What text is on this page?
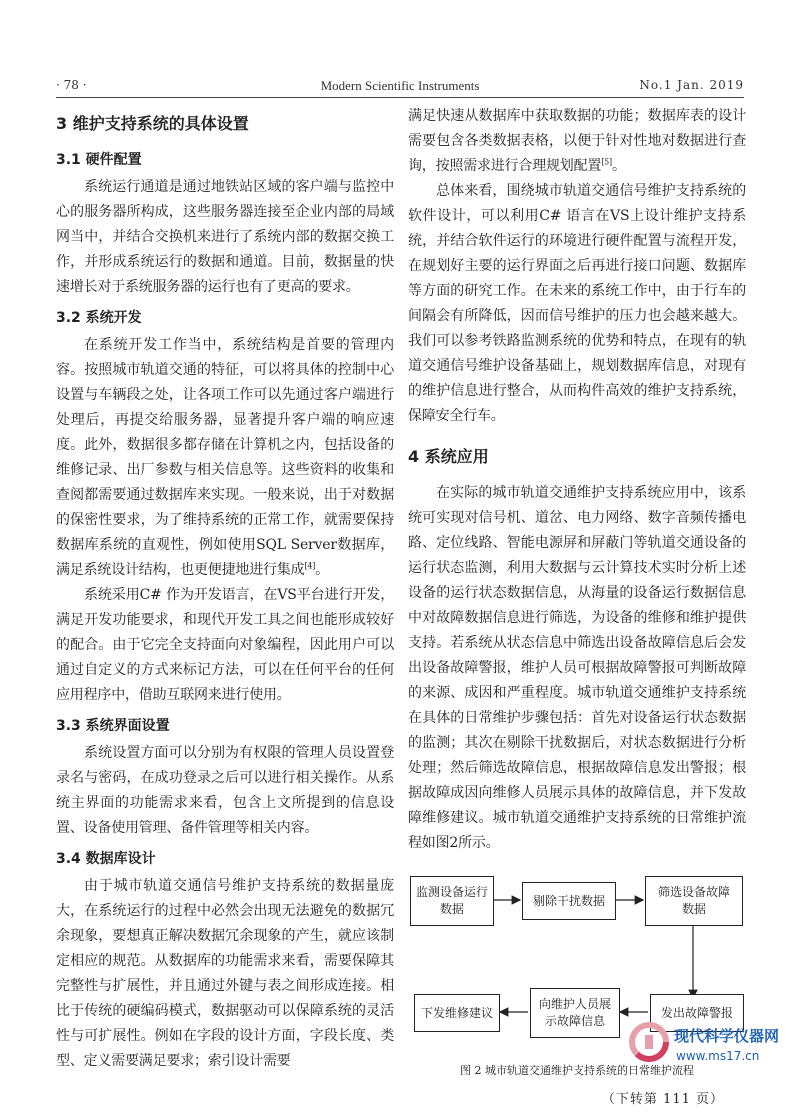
· 78 ·	Modern Scientific Instruments	No.1 Jan. 2019
3 维护支持系统的具体设置
3.1 硬件配置

系统运行通道是通过地铁站区域的客户端与监控中心的服务器所构成，这些服务器连接至企业内部的局域网当中，并结合交换机来进行了系统内部的数据交换工作，并形成系统运行的数据和通道。目前，数据量的快速增长对于系统服务器的运行也有了更高的要求。

3.2 系统开发

在系统开发工作当中，系统结构是首要的管理内容。按照城市轨道交通的特征，可以将具体的控制中心设置与车辆段之处，让各项工作可以先通过客户端进行处理后，再提交给服务器，显著提升客户端的响应速度。此外，数据很多都存储在计算机之内，包括设备的维修记录、出厂参数与相关信息等。这些资料的收集和查阅都需要通过数据库来实现。一般来说，出于对数据的保密性要求，为了维持系统的正常工作，就需要保持数据库系统的直观性，例如使用SQL Server数据库，满足系统设计结构，也更便捷地进行集成[4]。

系统采用C# 作为开发语言，在VS平台进行开发，满足开发功能要求，和现代开发工具之间也能形成较好的配合。由于它完全支持面向对象编程，因此用户可以通过自定义的方式来标记方法，可以在任何平台的任何应用程序中，借助互联网来进行使用。

3.3 系统界面设置

系统设置方面可以分别为有权限的管理人员设置登录名与密码，在成功登录之后可以进行相关操作。从系统主界面的功能需求来看，包含上文所提到的信息设置、设备使用管理、备件管理等相关内容。

3.4 数据库设计

由于城市轨道交通信号维护支持系统的数据量庞大，在系统运行的过程中必然会出现无法避免的数据冗余现象，要想真正解决数据冗余现象的产生，就应该制定相应的规范。从数据库的功能需求来看，需要保障其完整性与扩展性，并且通过外键与表之间形成连接。相比于传统的硬编码模式，数据驱动可以保障系统的灵活性与可扩展性。例如在字段的设计方面，字段长度、类型、定义需要满足要求；索引设计需要

满足快速从数据库中获取数据的功能；数据库表的设计需要包含各类数据表格，以便于针对性地对数据进行查询，按照需求进行合理规划配置[5]。

总体来看，围绕城市轨道交通信号维护支持系统的软件设计，可以利用C# 语言在VS上设计维护支持系统，并结合软件运行的环境进行硬件配置与流程开发，在规划好主要的运行界面之后再进行接口问题、数据库等方面的研究工作。在未来的系统工作中，由于行车的间隔会有所降低，因而信号维护的压力也会越来越大。我们可以参考铁路监测系统的优势和特点，在现有的轨道交通信号维护设备基础上，规划数据库信息，对现有的维护信息进行整合，从而构件高效的维护支持系统，保障安全行车。

4 系统应用

在实际的城市轨道交通维护支持系统应用中，该系统可实现对信号机、道岔、电力网络、数字音频传播电路、定位线路、智能电源屏和屏蔽门等轨道交通设备的运行状态监测，利用大数据与云计算技术实时分析上述设备的运行状态数据信息，从海量的设备运行数据信息中对故障数据信息进行筛选，为设备的维修和维护提供支持。若系统从状态信息中筛选出设备故障信息后会发出设备故障警报，维护人员可根据故障警报可判断故障的来源、成因和严重程度。城市轨道交通维护支持系统在具体的日常维护步骤包括：首先对设备运行状态数据的监测；其次在剔除干扰数据后，对状态数据进行分析处理；然后筛选故障信息，根据故障信息发出警报；根据故障成因向维修人员展示具体的故障信息，并下发故障维修建议。城市轨道交通维护支持系统的日常维护流程如图2所示。

监测设备运行
数据
剔除干扰数据
筛选设备故障
数据
发出故障警报
向维护人员展
示故障信息
下发维修建议
图 2 城市轨道交通维护支持系统的日常维护流程
（下转第 111 页）
现代科学仪器网
www.ms17.cn
